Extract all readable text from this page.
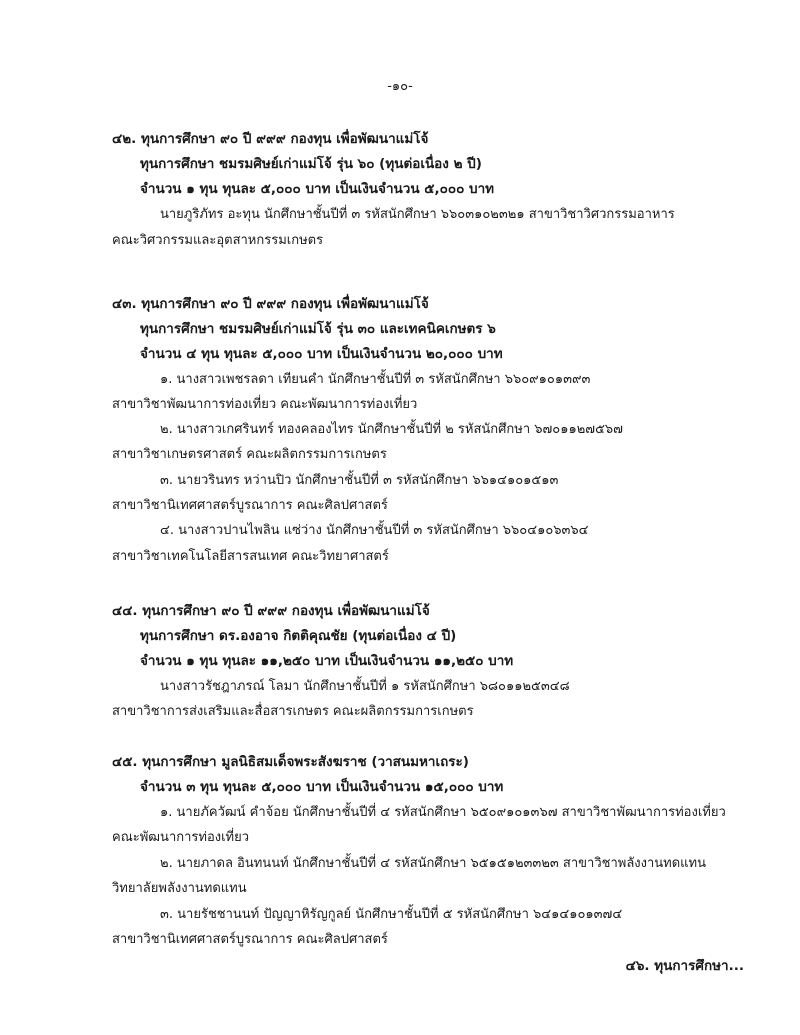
-๑๐-
๔๒. ทุนการศึกษา ๙๐ ปี ๙๙๙ กองทุน เพื่อพัฒนาแม่โจ้
ทุนการศึกษา ชมรมศิษย์เก่าแม่โจ้ รุ่น ๖๐ (ทุนต่อเนื่อง ๒ ปี)
จำนวน ๑ ทุน ทุนละ ๕,๐๐๐ บาท เป็นเงินจำนวน ๕,๐๐๐ บาท
นายภูริภัทร อะทุน นักศึกษาชั้นปีที่ ๓ รหัสนักศึกษา ๖๖๐๓๑๐๒๓๒๑ สาขาวิชาวิศวกรรมอาหาร
คณะวิศวกรรมและอุตสาหกรรมเกษตร
๔๓. ทุนการศึกษา ๙๐ ปี ๙๙๙ กองทุน เพื่อพัฒนาแม่โจ้
ทุนการศึกษา ชมรมศิษย์เก่าแม่โจ้ รุ่น ๓๐ และเทคนิคเกษตร ๖
จำนวน ๔ ทุน ทุนละ ๕,๐๐๐ บาท เป็นเงินจำนวน ๒๐,๐๐๐ บาท
๑. นางสาวเพชรลดา เทียนคำ นักศึกษาชั้นปีที่ ๓ รหัสนักศึกษา ๖๖๐๙๑๐๑๓๙๓
สาขาวิชาพัฒนาการท่องเที่ยว คณะพัฒนาการท่องเที่ยว
๒. นางสาวเกศรินทร์ ทองคลองไทร นักศึกษาชั้นปีที่ ๒ รหัสนักศึกษา ๖๗๐๑๑๒๗๕๖๗
สาขาวิชาเกษตรศาสตร์ คณะผลิตกรรมการเกษตร
๓. นายวรินทร หว่านปิว นักศึกษาชั้นปีที่ ๓ รหัสนักศึกษา ๖๖๑๔๑๐๑๕๑๓
สาขาวิชานิเทศศาสตร์บูรณาการ คณะศิลปศาสตร์
๔. นางสาวปานไพลิน แซ่ว่าง นักศึกษาชั้นปีที่ ๓ รหัสนักศึกษา ๖๖๐๔๑๐๖๓๖๔
สาขาวิชาเทคโนโลยีสารสนเทศ คณะวิทยาศาสตร์
๔๔. ทุนการศึกษา ๙๐ ปี ๙๙๙ กองทุน เพื่อพัฒนาแม่โจ้
ทุนการศึกษา ดร.องอาจ กิตติคุณชัย (ทุนต่อเนื่อง ๔ ปี)
จำนวน ๑ ทุน ทุนละ ๑๑,๒๕๐ บาท เป็นเงินจำนวน ๑๑,๒๕๐ บาท
นางสาวรัชฎาภรณ์ โลมา นักศึกษาชั้นปีที่ ๑ รหัสนักศึกษา ๖๘๐๑๑๒๕๓๔๘
สาขาวิชาการส่งเสริมและสื่อสารเกษตร คณะผลิตกรรมการเกษตร
๔๕. ทุนการศึกษา มูลนิธิสมเด็จพระสังฆราช (วาสนมหาเถระ)
จำนวน ๓ ทุน ทุนละ ๕,๐๐๐ บาท เป็นเงินจำนวน ๑๕,๐๐๐ บาท
๑. นายภัควัฒน์ คำจ้อย นักศึกษาชั้นปีที่ ๔ รหัสนักศึกษา ๖๕๐๙๑๐๑๓๖๗ สาขาวิชาพัฒนาการท่องเที่ยว
คณะพัฒนาการท่องเที่ยว
๒. นายภาดล อินทนนท์ นักศึกษาชั้นปีที่ ๔ รหัสนักศึกษา ๖๕๑๕๑๒๓๓๒๓ สาขาวิชาพลังงานทดแทน
วิทยาลัยพลังงานทดแทน
๓. นายรัชชานนท์ ปัญญาหิรัญกูลย์ นักศึกษาชั้นปีที่ ๕ รหัสนักศึกษา ๖๔๑๔๑๐๑๓๗๔
สาขาวิชานิเทศศาสตร์บูรณาการ คณะศิลปศาสตร์
๔๖. ทุนการศึกษา...
